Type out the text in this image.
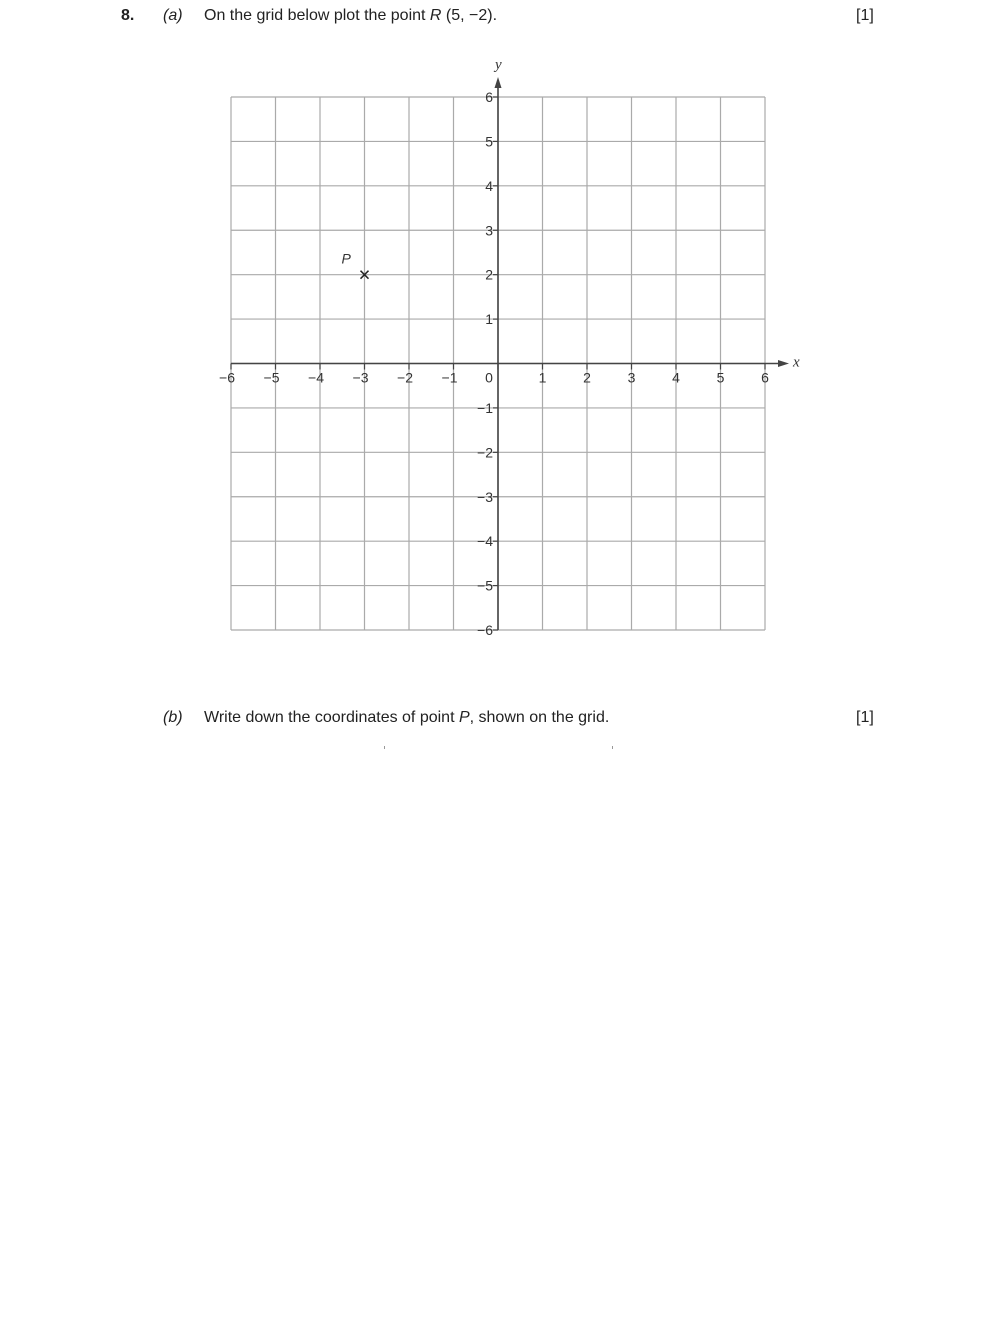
8. (a) On the grid below plot the point R (5, −2).	[1]
x
y
−6 −5 −4 −3 −2 −1 0	1	2	3	4	5	6
−6
−5
−4
−3
−2
−1
1
2
3
4
5
6
P
(b) Write down the coordinates of point P, shown on the grid.	[1]
